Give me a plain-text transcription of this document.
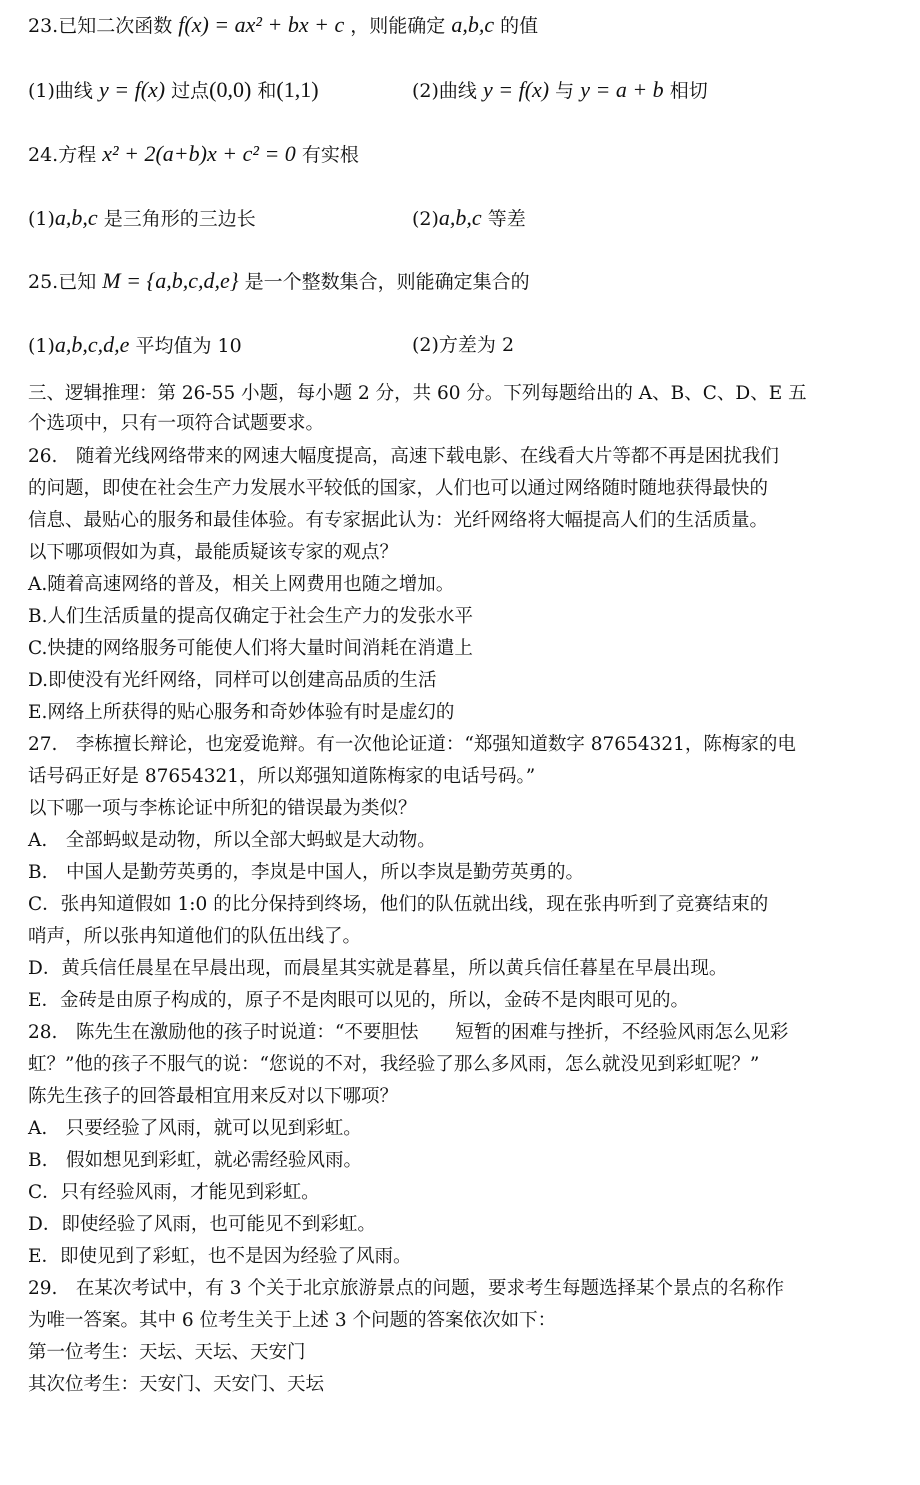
23.已知二次函数 f(x) = ax² + bx + c ，则能确定 a,b,c 的值
(1)曲线 y = f(x) 过点(0,0) 和(1,1)	(2)曲线 y = f(x) 与 y = a + b 相切
24.方程 x² + 2(a+b)x + c² = 0 有实根
(1)a,b,c 是三角形的三边长	(2)a,b,c 等差
25.已知 M = {a,b,c,d,e} 是一个整数集合，则能确定集合的
(1)a,b,c,d,e 平均值为 10	(2)方差为 2
三、逻辑推理：第 26-55 小题，每小题 2 分，共 60 分。下列每题给出的 A、B、C、D、E 五
个选项中，只有一项符合试题要求。
26.　随着光线网络带来的网速大幅度提高，高速下载电影、在线看大片等都不再是困扰我们
的问题，即使在社会生产力发展水平较低的国家，人们也可以通过网络随时随地获得最快的
信息、最贴心的服务和最佳体验。有专家据此认为：光纤网络将大幅提高人们的生活质量。
以下哪项假如为真，最能质疑该专家的观点？
A.随着高速网络的普及，相关上网费用也随之增加。
B.人们生活质量的提高仅确定于社会生产力的发张水平
C.快捷的网络服务可能使人们将大量时间消耗在消遣上
D.即使没有光纤网络，同样可以创建高品质的生活
E.网络上所获得的贴心服务和奇妙体验有时是虚幻的
27.　李栋擅长辩论，也宠爱诡辩。有一次他论证道：“郑强知道数字 87654321，陈梅家的电
话号码正好是 87654321，所以郑强知道陈梅家的电话号码。”
以下哪一项与李栋论证中所犯的错误最为类似？
A.　全部蚂蚁是动物，所以全部大蚂蚁是大动物。
B.　中国人是勤劳英勇的，李岚是中国人，所以李岚是勤劳英勇的。
C．张冉知道假如 1:0 的比分保持到终场，他们的队伍就出线，现在张冉听到了竞赛结束的
哨声，所以张冉知道他们的队伍出线了。
D．黄兵信任晨星在早晨出现，而晨星其实就是暮星，所以黄兵信任暮星在早晨出现。
E．金砖是由原子构成的，原子不是肉眼可以见的，所以，金砖不是肉眼可见的。
28.　陈先生在激励他的孩子时说道：“不要胆怯　　短暂的困难与挫折，不经验风雨怎么见彩
虹？”他的孩子不服气的说：“您说的不对，我经验了那么多风雨，怎么就没见到彩虹呢？”
陈先生孩子的回答最相宜用来反对以下哪项？
A.　只要经验了风雨，就可以见到彩虹。
B.　假如想见到彩虹，就必需经验风雨。
C．只有经验风雨，才能见到彩虹。
D．即使经验了风雨，也可能见不到彩虹。
E．即使见到了彩虹，也不是因为经验了风雨。
29.　在某次考试中，有 3 个关于北京旅游景点的问题，要求考生每题选择某个景点的名称作
为唯一答案。其中 6 位考生关于上述 3 个问题的答案依次如下：
第一位考生：天坛、天坛、天安门
其次位考生：天安门、天安门、天坛
